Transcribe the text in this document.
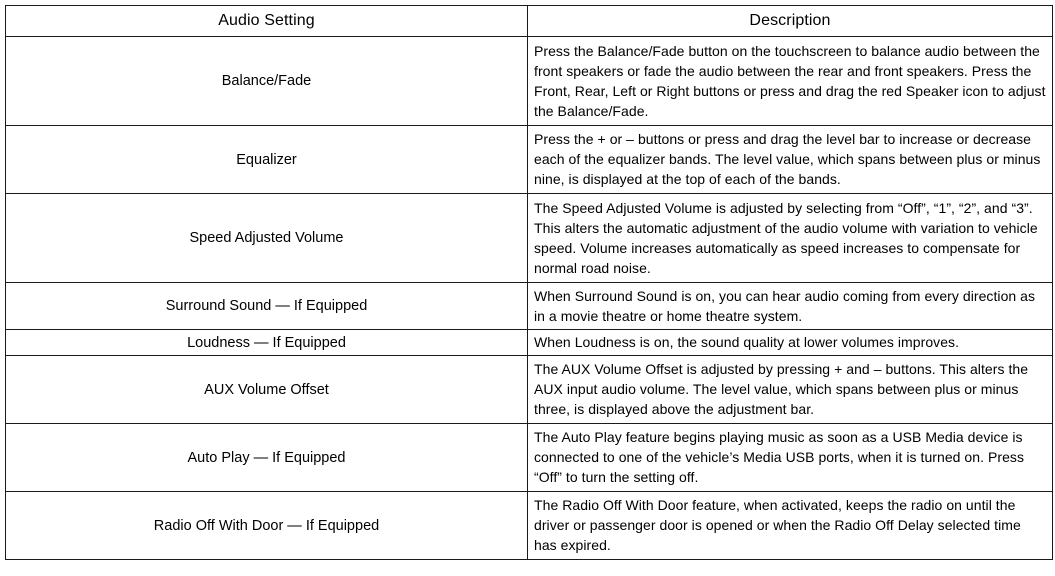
Audio Setting	Description
Balance/Fade	Press the Balance/Fade button on the touchscreen to balance audio between the front speakers or fade the audio between the rear and front speakers. Press the Front, Rear, Left or Right buttons or press and drag the red Speaker icon to adjust the Balance/Fade.
Equalizer	Press the + or – buttons or press and drag the level bar to increase or decrease each of the equalizer bands. The level value, which spans between plus or minus nine, is displayed at the top of each of the bands.
Speed Adjusted Volume	The Speed Adjusted Volume is adjusted by selecting from “Off”, “1”, “2”, and “3”. This alters the automatic adjustment of the audio volume with variation to vehicle speed. Volume increases automatically as speed increases to compensate for normal road noise.
Surround Sound — If Equipped	When Surround Sound is on, you can hear audio coming from every direction as in a movie theatre or home theatre system.
Loudness — If Equipped	When Loudness is on, the sound quality at lower volumes improves.
AUX Volume Offset	The AUX Volume Offset is adjusted by pressing + and – buttons. This alters the AUX input audio volume. The level value, which spans between plus or minus three, is displayed above the adjustment bar.
Auto Play — If Equipped	The Auto Play feature begins playing music as soon as a USB Media device is connected to one of the vehicle’s Media USB ports, when it is turned on. Press “Off” to turn the setting off.
Radio Off With Door — If Equipped	The Radio Off With Door feature, when activated, keeps the radio on until the driver or passenger door is opened or when the Radio Off Delay selected time has expired.
